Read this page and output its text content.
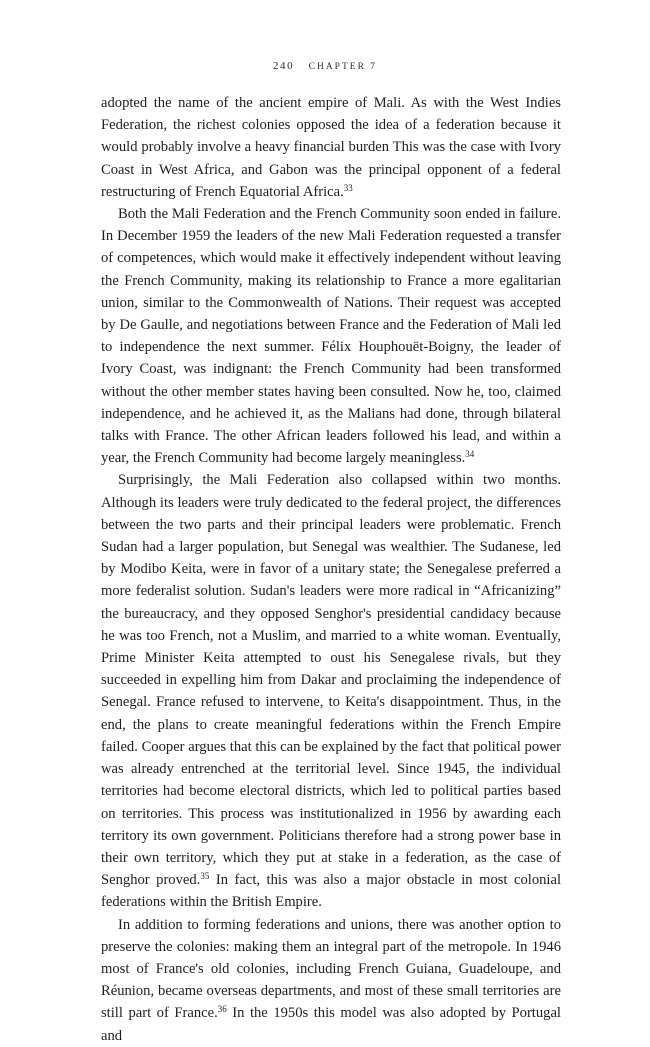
240 CHAPTER 7

adopted the name of the ancient empire of Mali. As with the West Indies Federation, the richest colonies opposed the idea of a federation because it would probably involve a heavy financial burden This was the case with Ivory Coast in West Africa, and Gabon was the principal opponent of a federal restructuring of French Equatorial Africa.$^{33}$

Both the Mali Federation and the French Community soon ended in failure. In December 1959 the leaders of the new Mali Federation requested a transfer of competences, which would make it effectively independent without leaving the French Community, making its relationship to France a more egalitarian union, similar to the Commonwealth of Nations. Their request was accepted by De Gaulle, and negotiations between France and the Federation of Mali led to independence the next summer. Félix Houphouët-Boigny, the leader of Ivory Coast, was indignant: the French Community had been transformed without the other member states having been consulted. Now he, too, claimed independence, and he achieved it, as the Malians had done, through bilateral talks with France. The other African leaders followed his lead, and within a year, the French Community had become largely meaningless.$^{34}$

Surprisingly, the Mali Federation also collapsed within two months. Although its leaders were truly dedicated to the federal project, the differences between the two parts and their principal leaders were problematic. French Sudan had a larger population, but Senegal was wealthier. The Sudanese, led by Modibo Keita, were in favor of a unitary state; the Senegalese preferred a more federalist solution. Sudan's leaders were more radical in “Africanizing” the bureaucracy, and they opposed Senghor's presidential candidacy because he was too French, not a Muslim, and married to a white woman. Eventually, Prime Minister Keita attempted to oust his Senegalese rivals, but they succeeded in expelling him from Dakar and proclaiming the independence of Senegal. France refused to intervene, to Keita's disappointment. Thus, in the end, the plans to create meaningful federations within the French Empire failed. Cooper argues that this can be explained by the fact that political power was already entrenched at the territorial level. Since 1945, the individual territories had become electoral districts, which led to political parties based on territories. This process was institutionalized in 1956 by awarding each territory its own government. Politicians therefore had a strong power base in their own territory, which they put at stake in a federation, as the case of Senghor proved.$^{35}$ In fact, this was also a major obstacle in most colonial federations within the British Empire.

In addition to forming federations and unions, there was another option to preserve the colonies: making them an integral part of the metropole. In 1946 most of France's old colonies, including French Guiana, Guadeloupe, and Réunion, became overseas departments, and most of these small territories are still part of France.$^{36}$ In the 1950s this model was also adopted by Portugal and
